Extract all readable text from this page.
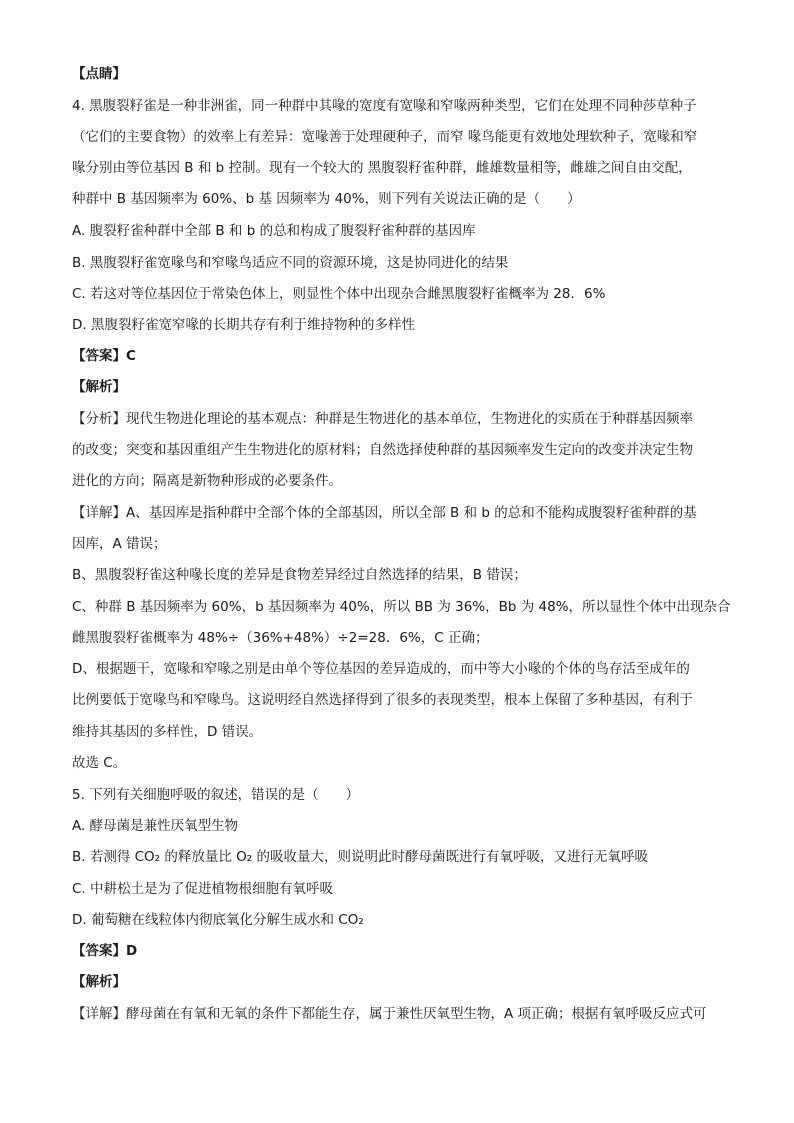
【点睛】
4. 黑腹裂籽雀是一种非洲雀，同一种群中其喙的宽度有宽喙和窄喙两种类型，它们在处理不同种莎草种子
（它们的主要食物）的效率上有差异：宽喙善于处理硬种子，而窄 喙鸟能更有效地处理软种子，宽喙和窄
喙分别由等位基因 B 和 b 控制。现有一个较大的 黑腹裂籽雀种群，雌雄数量相等，雌雄之间自由交配，
种群中 B 基因频率为 60%、b 基 因频率为 40%，则下列有关说法正确的是（　　）
A. 腹裂籽雀种群中全部 B 和 b 的总和构成了腹裂籽雀种群的基因库
B. 黑腹裂籽雀宽喙鸟和窄喙鸟适应不同的资源环境，这是协同进化的结果
C. 若这对等位基因位于常染色体上，则显性个体中出现杂合雌黑腹裂籽雀概率为 28．6%
D. 黑腹裂籽雀宽窄喙的长期共存有利于维持物种的多样性
【答案】C
【解析】
【分析】现代生物进化理论的基本观点：种群是生物进化的基本单位，生物进化的实质在于种群基因频率
的改变；突变和基因重组产生生物进化的原材料；自然选择使种群的基因频率发生定向的改变并决定生物
进化的方向；隔离是新物种形成的必要条件。
【详解】A、基因库是指种群中全部个体的全部基因，所以全部 B 和 b 的总和不能构成腹裂籽雀种群的基
因库，A 错误；
B、黑腹裂籽雀这种喙长度的差异是食物差异经过自然选择的结果，B 错误；
C、种群 B 基因频率为 60%，b 基因频率为 40%，所以 BB 为 36%，Bb 为 48%，所以显性个体中出现杂合
雌黑腹裂籽雀概率为 48%÷（36%+48%）÷2=28．6%，C 正确；
D、根据题干，宽喙和窄喙之别是由单个等位基因的差异造成的，而中等大小喙的个体的鸟存活至成年的
比例要低于宽喙鸟和窄喙鸟。这说明经自然选择得到了很多的表现类型，根本上保留了多种基因，有利于
维持其基因的多样性，D 错误。
故选 C。
5. 下列有关细胞呼吸的叙述，错误的是（　　）
A. 酵母菌是兼性厌氧型生物
B. 若测得 CO₂ 的释放量比 O₂ 的吸收量大，则说明此时酵母菌既进行有氧呼吸，又进行无氧呼吸
C. 中耕松土是为了促进植物根细胞有氧呼吸
D. 葡萄糖在线粒体内彻底氧化分解生成水和 CO₂
【答案】D
【解析】
【详解】酵母菌在有氧和无氧的条件下都能生存，属于兼性厌氧型生物，A 项正确；根据有氧呼吸反应式可
